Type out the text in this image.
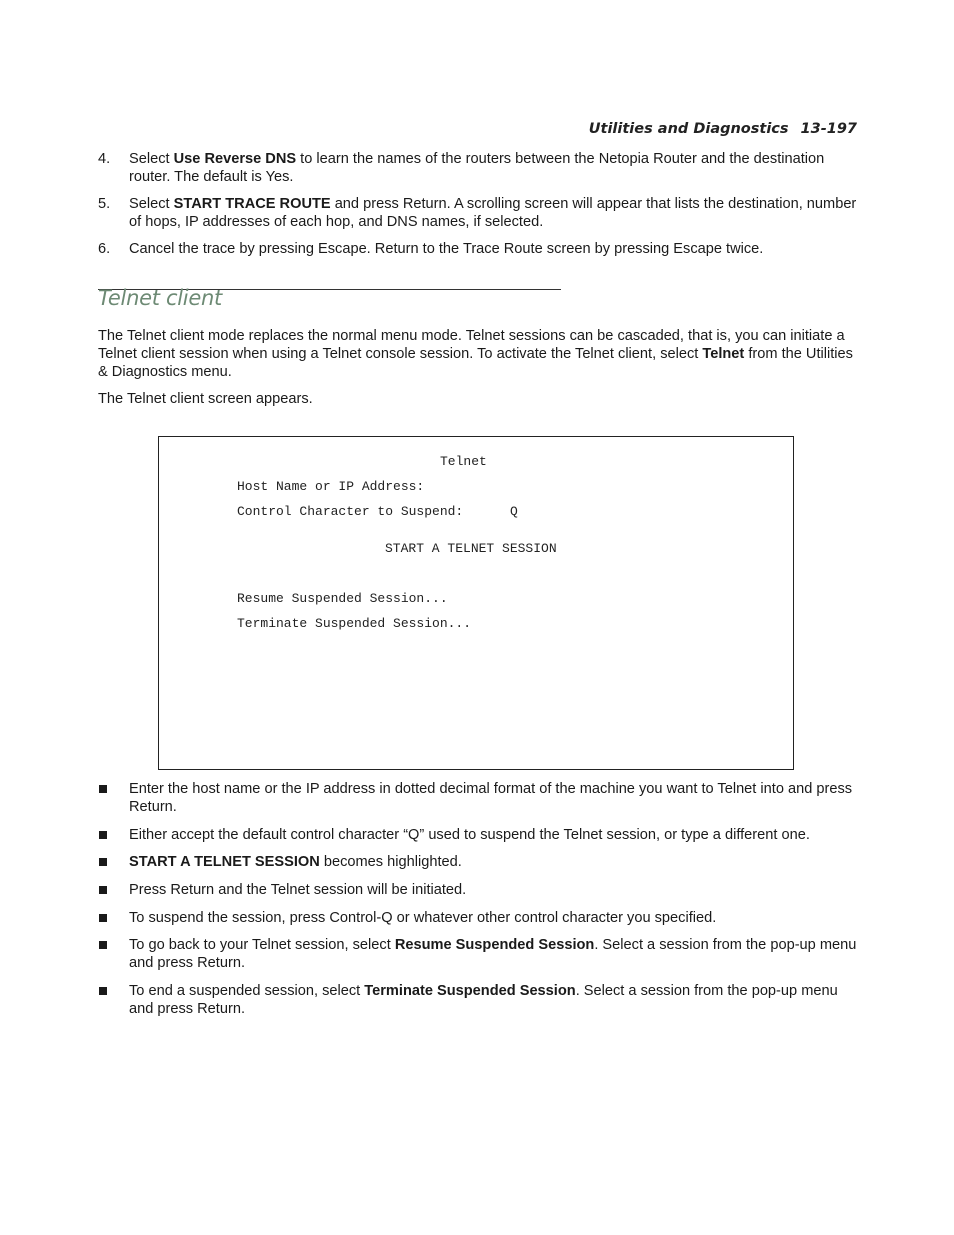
Utilities and Diagnostics 13-197
4. Select Use Reverse DNS to learn the names of the routers between the Netopia Router and the destination router. The default is Yes.
5. Select START TRACE ROUTE and press Return. A scrolling screen will appear that lists the destination, number of hops, IP addresses of each hop, and DNS names, if selected.
6. Cancel the trace by pressing Escape. Return to the Trace Route screen by pressing Escape twice.
Telnet client

The Telnet client mode replaces the normal menu mode. Telnet sessions can be cascaded, that is, you can initiate a Telnet client session when using a Telnet console session. To activate the Telnet client, select Telnet from the Utilities & Diagnostics menu.

The Telnet client screen appears.

Telnet
Host Name or IP Address:
Control Character to Suspend:	Q
START A TELNET SESSION
Resume Suspended Session...
Terminate Suspended Session...
Enter the host name or the IP address in dotted decimal format of the machine you want to Telnet into and press Return.
Either accept the default control character “Q” used to suspend the Telnet session, or type a different one.
START A TELNET SESSION becomes highlighted.
Press Return and the Telnet session will be initiated.
To suspend the session, press Control-Q or whatever other control character you specified.
To go back to your Telnet session, select Resume Suspended Session. Select a session from the pop-up menu and press Return.
To end a suspended session, select Terminate Suspended Session. Select a session from the pop-up menu and press Return.
